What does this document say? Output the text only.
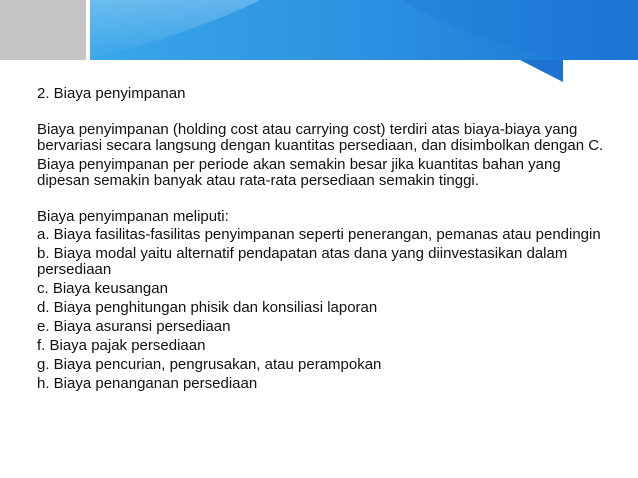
2. Biaya penyimpanan

Biaya penyimpanan (holding cost atau carrying cost) terdiri atas biaya-biaya yang bervariasi secara langsung dengan kuantitas persediaan, dan disimbolkan dengan C.

Biaya penyimpanan per periode akan semakin besar jika kuantitas bahan yang dipesan semakin banyak atau rata-rata persediaan semakin tinggi.

Biaya penyimpanan meliputi:

a. Biaya fasilitas-fasilitas penyimpanan seperti penerangan, pemanas atau pendingin
b. Biaya modal yaitu alternatif pendapatan atas dana yang diinvestasikan dalam persediaan
c. Biaya keusangan
d. Biaya penghitungan phisik dan konsiliasi laporan
e. Biaya asuransi persediaan
f. Biaya pajak persediaan
g. Biaya pencurian, pengrusakan, atau perampokan
h. Biaya penanganan persediaan
